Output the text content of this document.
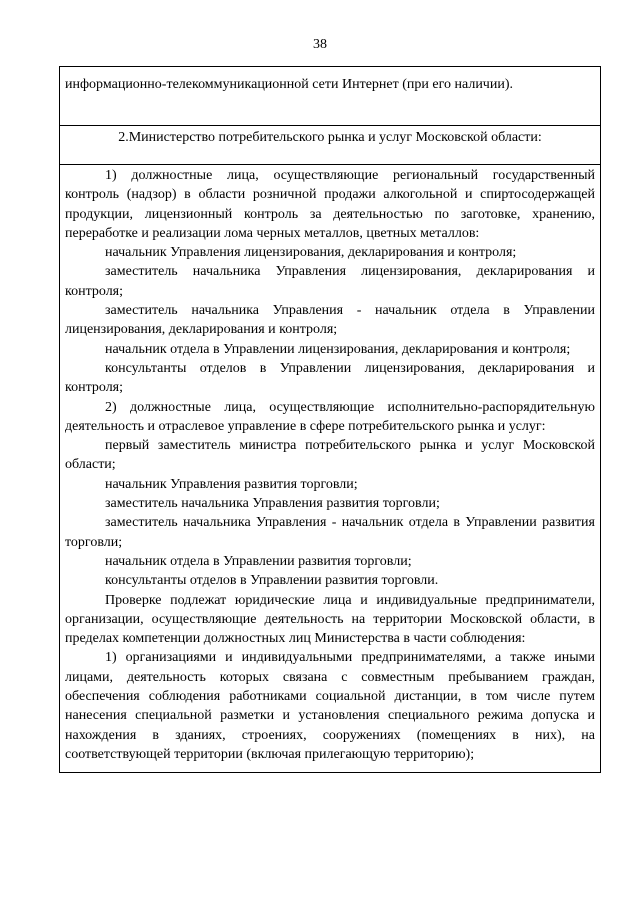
38
информационно-телекоммуникационной сети Интернет (при его наличии).

2.Министерство потребительского рынка и услуг Московской области:

1) должностные лица, осуществляющие региональный государственный контроль (надзор) в области розничной продажи алкогольной и спиртосодержащей продукции, лицензионный контроль за деятельностью по заготовке, хранению, переработке и реализации лома черных металлов, цветных металлов:

начальник Управления лицензирования, декларирования и контроля;

заместитель начальника Управления лицензирования, декларирования и контроля;

заместитель начальника Управления - начальник отдела в Управлении лицензирования, декларирования и контроля;

начальник отдела в Управлении лицензирования, декларирования и контроля;

консультанты отделов в Управлении лицензирования, декларирования и контроля;

2) должностные лица, осуществляющие исполнительно-распорядительную деятельность и отраслевое управление в сфере потребительского рынка и услуг:

первый заместитель министра потребительского рынка и услуг Московской области;

начальник Управления развития торговли;

заместитель начальника Управления развития торговли;

заместитель начальника Управления - начальник отдела в Управлении развития торговли;

начальник отдела в Управлении развития торговли;

консультанты отделов в Управлении развития торговли.

Проверке подлежат юридические лица и индивидуальные предприниматели, организации, осуществляющие деятельность на территории Московской области, в пределах компетенции должностных лиц Министерства в части соблюдения:

1) организациями и индивидуальными предпринимателями, а также иными лицами, деятельность которых связана с совместным пребыванием граждан, обеспечения соблюдения работниками социальной дистанции, в том числе путем нанесения специальной разметки и установления специального режима допуска и нахождения в зданиях, строениях, сооружениях (помещениях в них), на соответствующей территории (включая прилегающую территорию);
